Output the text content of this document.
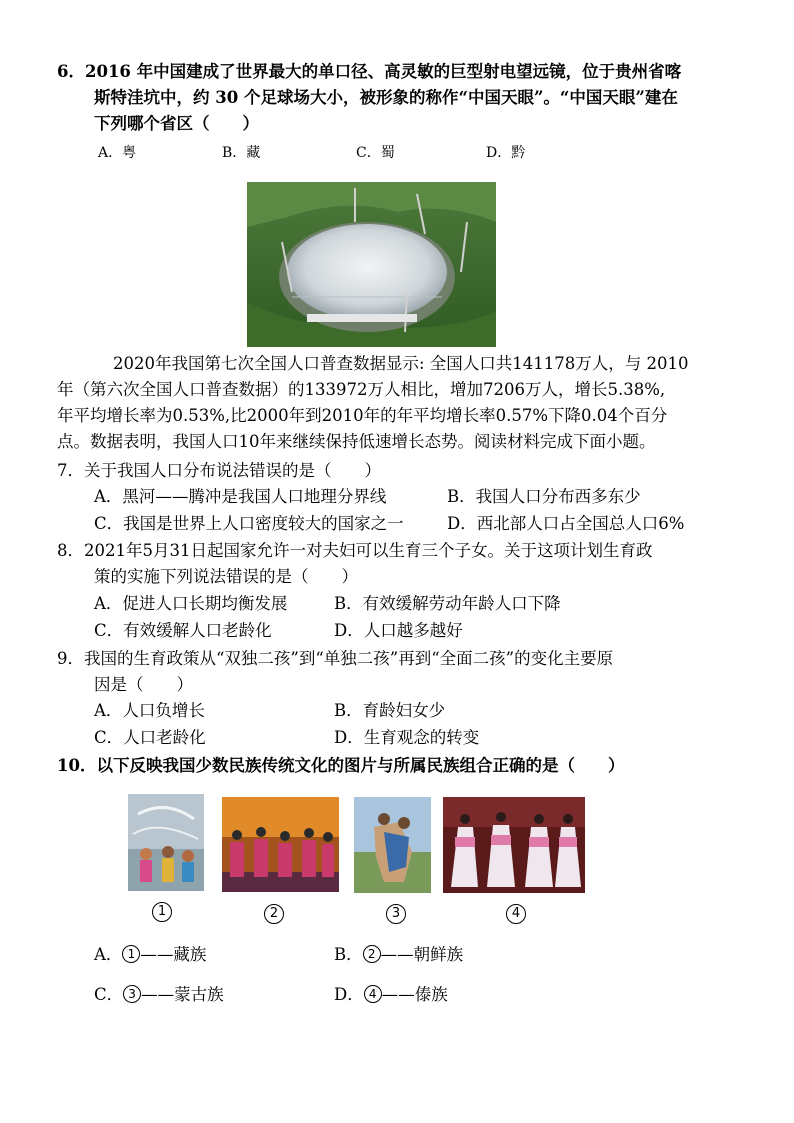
6．2016 年中国建成了世界最大的单口径、高灵敏的巨型射电望远镜，位于贵州省喀
斯特洼坑中，约 30 个足球场大小，被形象的称作“中国天眼”。“中国天眼”建在
下列哪个省区（　　）
A．粤	B．藏	C．蜀	D．黔
2020年我国第七次全国人口普查数据显示: 全国人口共141178万人，与 2010
年（第六次全国人口普查数据）的133972万人相比，增加7206万人，增长5.38%,
年平均增长率为0.53%,比2000年到2010年的年平均增长率0.57%下降0.04个百分
点。数据表明，我国人口10年来继续保持低速增长态势。阅读材料完成下面小题。
7．关于我国人口分布说法错误的是（　　）
A．黑河——腾冲是我国人口地理分界线	B．我国人口分布西多东少
C．我国是世界上人口密度较大的国家之一	D．西北部人口占全国总人口6%
8．2021年5月31日起国家允许一对夫妇可以生育三个子女。关于这项计划生育政
策的实施下列说法错误的是（　　）
A．促进人口长期均衡发展	B．有效缓解劳动年龄人口下降
C．有效缓解人口老龄化	D．人口越多越好
9．我国的生育政策从“双独二孩”到“单独二孩”再到“全面二孩”的变化主要原
因是（　　）
A．人口负增长	B．育龄妇女少
C．人口老龄化	D．生育观念的转变
10．以下反映我国少数民族传统文化的图片与所属民族组合正确的是（　　）
1	2	3	4
A． 1 ——藏族	B． 2 ——朝鲜族
C． 3 ——蒙古族	D． 4 ——傣族
